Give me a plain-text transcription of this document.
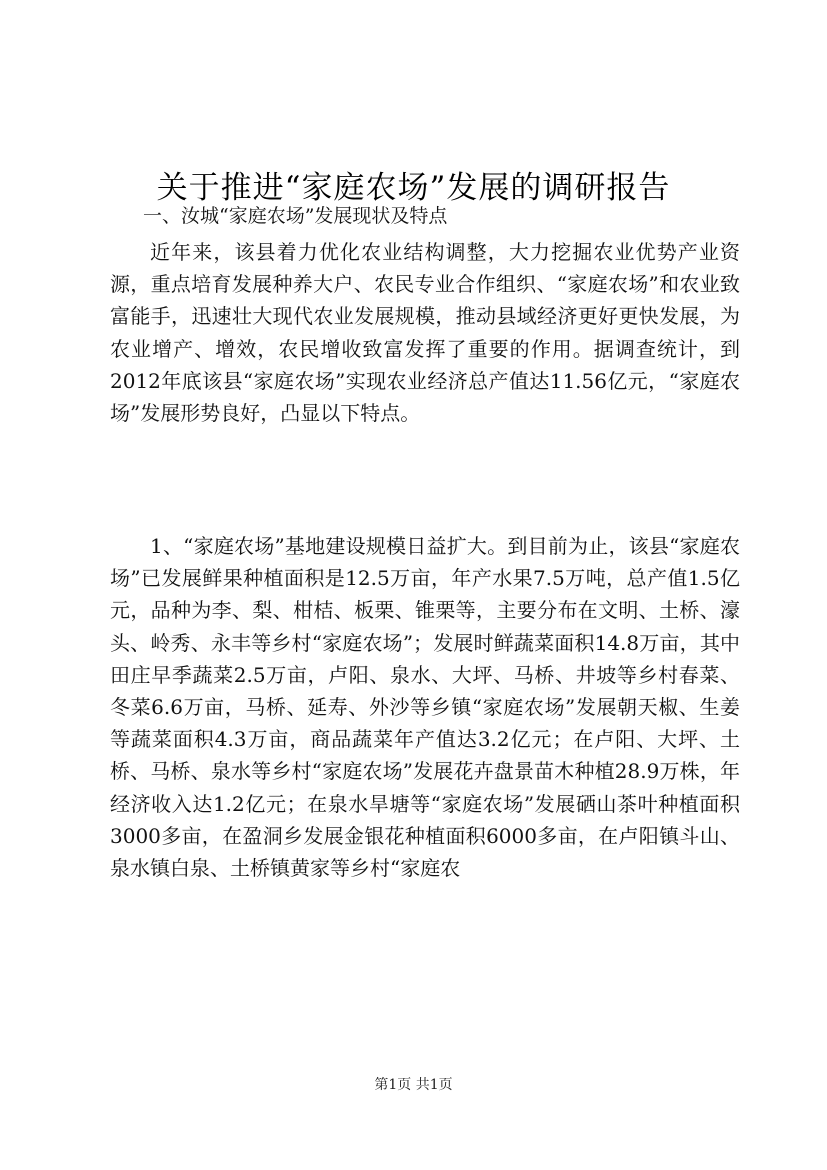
关于推进“家庭农场”发展的调研报告
一、汝城“家庭农场”发展现状及特点

近年来，该县着力优化农业结构调整，大力挖掘农业优势产业资源，重点培育发展种养大户、农民专业合作组织、“家庭农场”和农业致富能手，迅速壮大现代农业发展规模，推动县域经济更好更快发展，为农业增产、增效，农民增收致富发挥了重要的作用。据调查统计，到2012年底该县“家庭农场”实现农业经济总产值达11.56亿元，“家庭农场”发展形势良好，凸显以下特点。

1、“家庭农场”基地建设规模日益扩大。到目前为止，该县“家庭农场”已发展鲜果种植面积是12.5万亩，年产水果7.5万吨，总产值1.5亿元，品种为李、梨、柑桔、板栗、锥栗等，主要分布在文明、土桥、濠头、岭秀、永丰等乡村“家庭农场”；发展时鲜蔬菜面积14.8万亩，其中田庄早季蔬菜2.5万亩，卢阳、泉水、大坪、马桥、井坡等乡村春菜、冬菜6.6万亩，马桥、延寿、外沙等乡镇“家庭农场”发展朝天椒、生姜等蔬菜面积4.3万亩，商品蔬菜年产值达3.2亿元；在卢阳、大坪、土桥、马桥、泉水等乡村“家庭农场”发展花卉盘景苗木种植28.9万株，年经济收入达1.2亿元；在泉水旱塘等“家庭农场”发展硒山茶叶种植面积3000多亩，在盈洞乡发展金银花种植面积6000多亩，在卢阳镇斗山、泉水镇白泉、土桥镇黄家等乡村“家庭农

第1页 共1页
